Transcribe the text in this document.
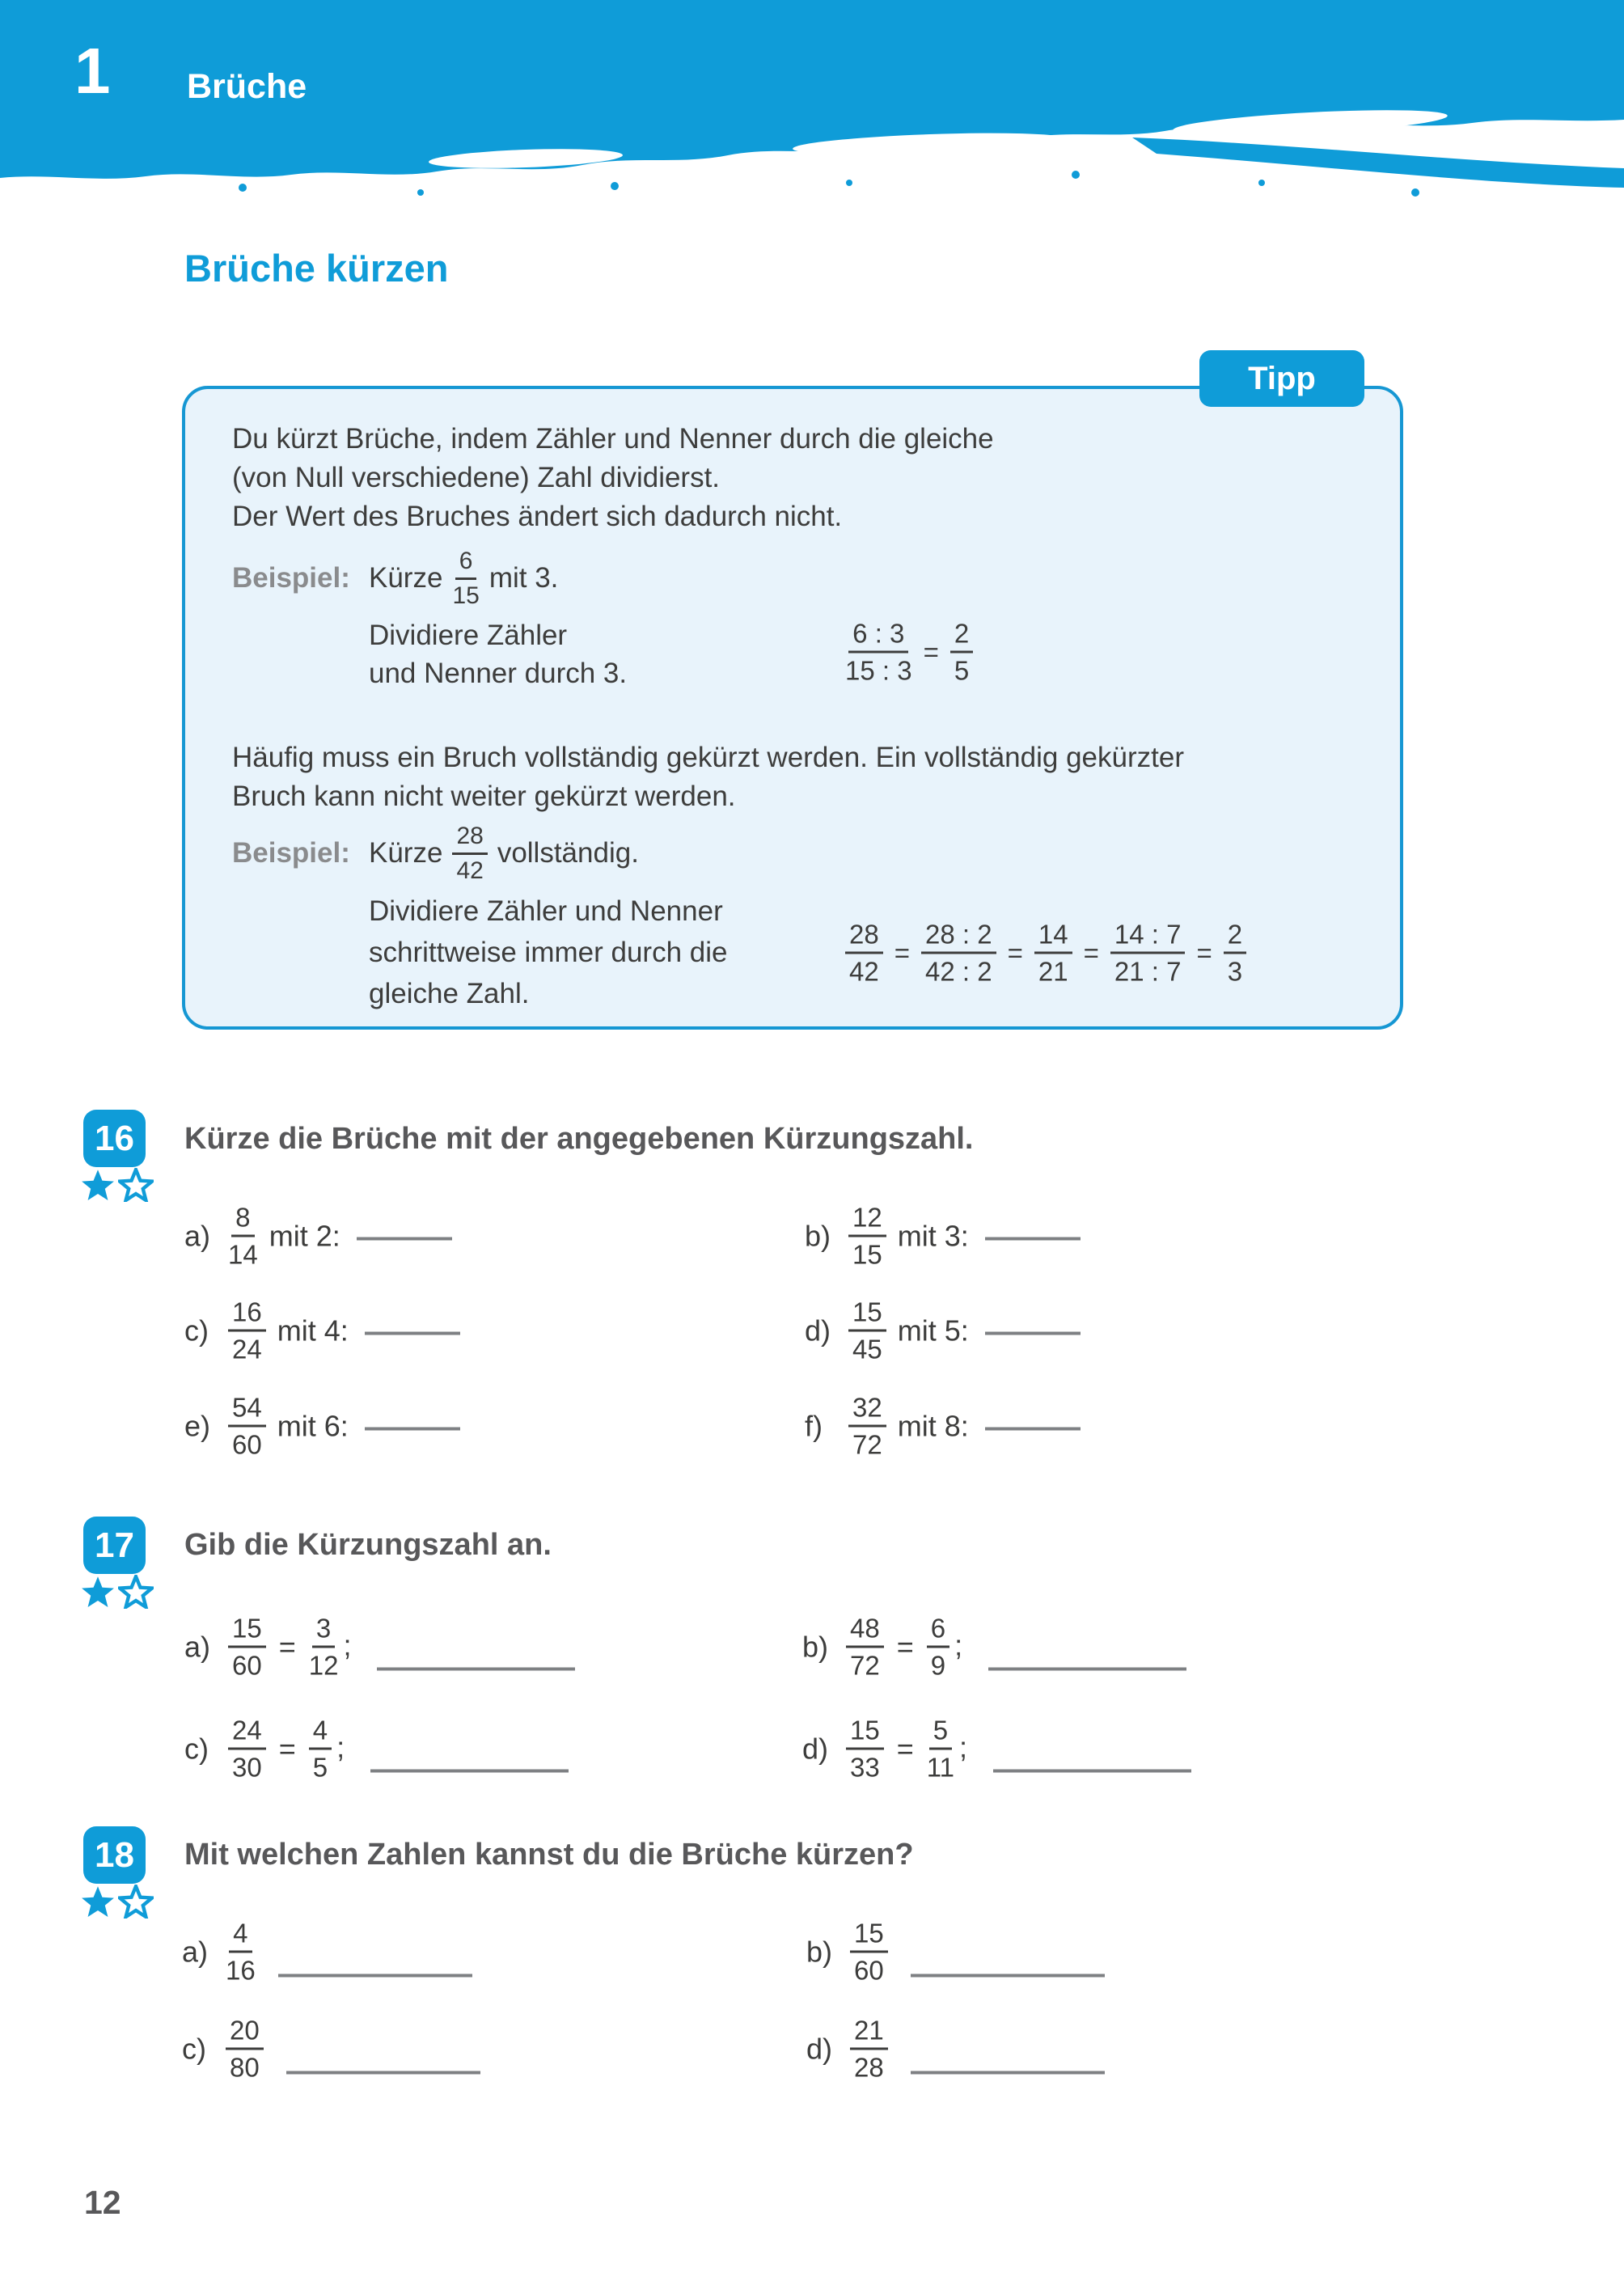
1 Brüche
Brüche kürzen
Tipp
Du kürzt Brüche, indem Zähler und Nenner durch die gleiche
(von Null verschiedene) Zahl dividierst.
Der Wert des Bruches ändert sich dadurch nicht.
Beispiel: Kürze $\frac{6}{15}$ mit 3.
Dividiere Zähler
und Nenner durch 3.	$\frac{6 : 3}{15 : 3} = \frac{2}{5}$
Häufig muss ein Bruch vollständig gekürzt werden. Ein vollständig gekürzter
Bruch kann nicht weiter gekürzt werden.
Beispiel: Kürze $\frac{28}{42}$ vollständig.
Dividiere Zähler und Nenner
schrittweise immer durch die
gleiche Zahl.
$\frac{28}{42} = \frac{28 : 2}{42 : 2} = \frac{14}{21} = \frac{14 : 7}{21 : 7} = \frac{2}{3}$
16	Kürze die Brüche mit der angegebenen Kürzungszahl.
$a) \frac{8}{14}$ mit 2:	$b) \frac{12}{15}$ mit 3:
$c) \frac{16}{24}$ mit 4:	$d) \frac{15}{45}$ mit 5:
$e) \frac{54}{60}$ mit 6:	$f) \frac{32}{72}$ mit 8:
17	Gib die Kürzungszahl an.
$a) \frac{15}{60} = \frac{3}{12}$ ;	$b) \frac{48}{72} = \frac{6}{9}$ ;
$c) \frac{24}{30} = \frac{4}{5}$ ;	$d) \frac{15}{33} = \frac{5}{11}$ ;
18	Mit welchen Zahlen kannst du die Brüche kürzen?
$a) \frac{4}{16}$	$b) \frac{15}{60}$
$c) \frac{20}{80}$	$d) \frac{21}{28}$
12
